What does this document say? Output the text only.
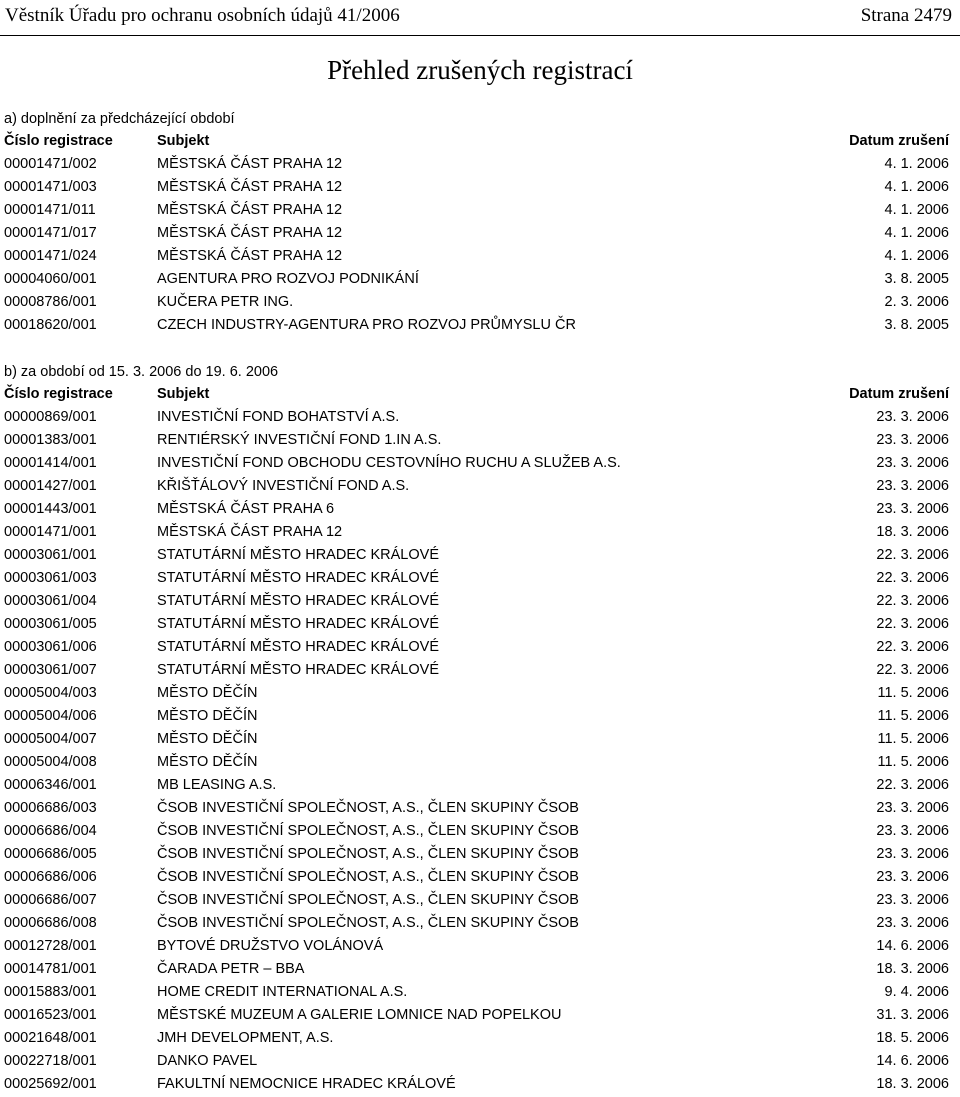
Věstník Úřadu pro ochranu osobních údajů 41/2006	Strana 2479
Přehled zrušených registrací
a) doplnění za předcházející období
Číslo registrace	Subjekt	Datum zrušení
00001471/002	MĚSTSKÁ ČÁST PRAHA 12	4. 1. 2006
00001471/003	MĚSTSKÁ ČÁST PRAHA 12	4. 1. 2006
00001471/011	MĚSTSKÁ ČÁST PRAHA 12	4. 1. 2006
00001471/017	MĚSTSKÁ ČÁST PRAHA 12	4. 1. 2006
00001471/024	MĚSTSKÁ ČÁST PRAHA 12	4. 1. 2006
00004060/001	AGENTURA PRO ROZVOJ PODNIKÁNÍ	3. 8. 2005
00008786/001	KUČERA PETR ING.	2. 3. 2006
00018620/001	CZECH INDUSTRY-AGENTURA PRO ROZVOJ PRŮMYSLU ČR	3. 8. 2005
b) za období od 15. 3. 2006 do 19. 6. 2006
Číslo registrace	Subjekt	Datum zrušení
00000869/001	INVESTIČNÍ FOND BOHATSTVÍ A.S.	23. 3. 2006
00001383/001	RENTIÉRSKÝ INVESTIČNÍ FOND 1.IN A.S.	23. 3. 2006
00001414/001	INVESTIČNÍ FOND OBCHODU CESTOVNÍHO RUCHU A SLUŽEB A.S.	23. 3. 2006
00001427/001	KŘIŠŤÁLOVÝ INVESTIČNÍ FOND A.S.	23. 3. 2006
00001443/001	MĚSTSKÁ ČÁST PRAHA 6	23. 3. 2006
00001471/001	MĚSTSKÁ ČÁST PRAHA 12	18. 3. 2006
00003061/001	STATUTÁRNÍ MĚSTO HRADEC KRÁLOVÉ	22. 3. 2006
00003061/003	STATUTÁRNÍ MĚSTO HRADEC KRÁLOVÉ	22. 3. 2006
00003061/004	STATUTÁRNÍ MĚSTO HRADEC KRÁLOVÉ	22. 3. 2006
00003061/005	STATUTÁRNÍ MĚSTO HRADEC KRÁLOVÉ	22. 3. 2006
00003061/006	STATUTÁRNÍ MĚSTO HRADEC KRÁLOVÉ	22. 3. 2006
00003061/007	STATUTÁRNÍ MĚSTO HRADEC KRÁLOVÉ	22. 3. 2006
00005004/003	MĚSTO DĚČÍN	11. 5. 2006
00005004/006	MĚSTO DĚČÍN	11. 5. 2006
00005004/007	MĚSTO DĚČÍN	11. 5. 2006
00005004/008	MĚSTO DĚČÍN	11. 5. 2006
00006346/001	MB LEASING A.S.	22. 3. 2006
00006686/003	ČSOB INVESTIČNÍ SPOLEČNOST, A.S., ČLEN SKUPINY ČSOB	23. 3. 2006
00006686/004	ČSOB INVESTIČNÍ SPOLEČNOST, A.S., ČLEN SKUPINY ČSOB	23. 3. 2006
00006686/005	ČSOB INVESTIČNÍ SPOLEČNOST, A.S., ČLEN SKUPINY ČSOB	23. 3. 2006
00006686/006	ČSOB INVESTIČNÍ SPOLEČNOST, A.S., ČLEN SKUPINY ČSOB	23. 3. 2006
00006686/007	ČSOB INVESTIČNÍ SPOLEČNOST, A.S., ČLEN SKUPINY ČSOB	23. 3. 2006
00006686/008	ČSOB INVESTIČNÍ SPOLEČNOST, A.S., ČLEN SKUPINY ČSOB	23. 3. 2006
00012728/001	BYTOVÉ DRUŽSTVO VOLÁNOVÁ	14. 6. 2006
00014781/001	ČARADA PETR – BBA	18. 3. 2006
00015883/001	HOME CREDIT INTERNATIONAL A.S.	9. 4. 2006
00016523/001	MĚSTSKÉ MUZEUM A GALERIE LOMNICE NAD POPELKOU	31. 3. 2006
00021648/001	JMH DEVELOPMENT, A.S.	18. 5. 2006
00022718/001	DANKO PAVEL	14. 6. 2006
00025692/001	FAKULTNÍ NEMOCNICE HRADEC KRÁLOVÉ	18. 3. 2006
